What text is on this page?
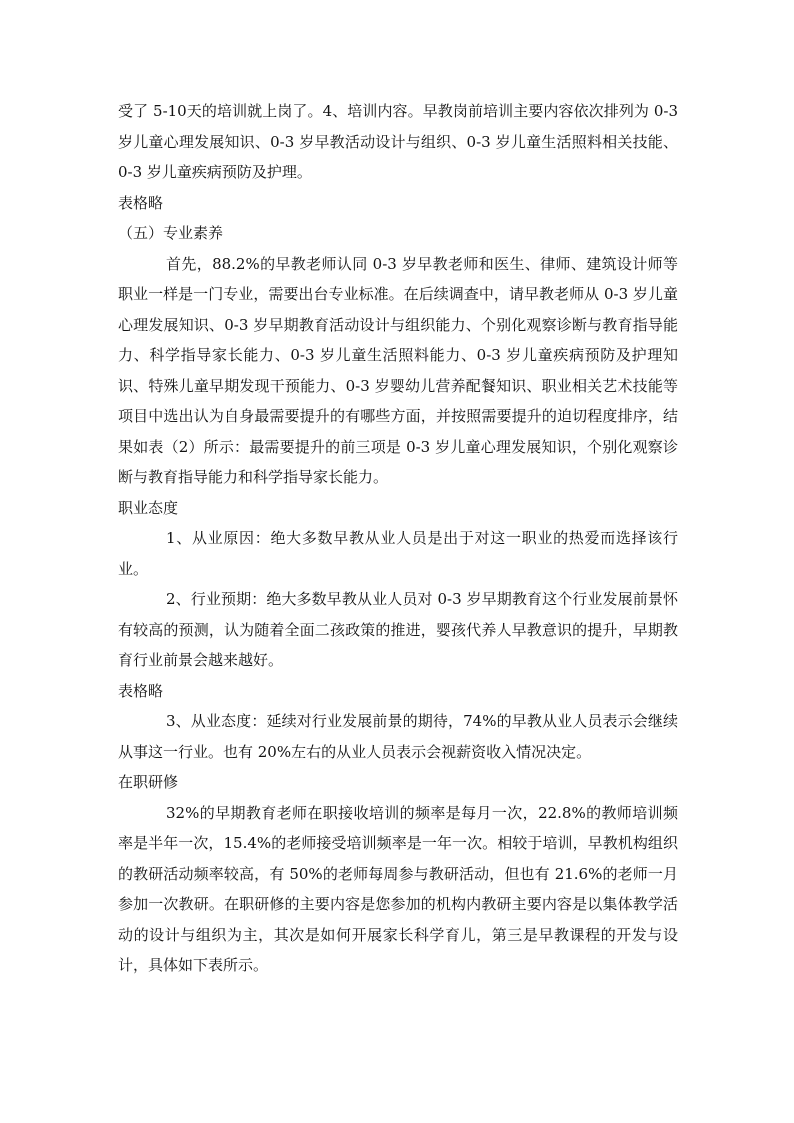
受了 5-10天的培训就上岗了。4、培训内容。早教岗前培训主要内容依次排列为 0-3 岁儿童心理发展知识、0-3 岁早教活动设计与组织、0-3 岁儿童生活照料相关技能、0-3 岁儿童疾病预防及护理。

表格略

（五）专业素养

首先，88.2%的早教老师认同 0-3 岁早教老师和医生、律师、建筑设计师等职业一样是一门专业，需要出台专业标准。在后续调查中，请早教老师从 0-3 岁儿童心理发展知识、0-3 岁早期教育活动设计与组织能力、个别化观察诊断与教育指导能力、科学指导家长能力、0-3 岁儿童生活照料能力、0-3 岁儿童疾病预防及护理知识、特殊儿童早期发现干预能力、0-3 岁婴幼儿营养配餐知识、职业相关艺术技能等项目中选出认为自身最需要提升的有哪些方面，并按照需要提升的迫切程度排序，结果如表（2）所示：最需要提升的前三项是 0-3 岁儿童心理发展知识，个别化观察诊断与教育指导能力和科学指导家长能力。

职业态度

1、从业原因：绝大多数早教从业人员是出于对这一职业的热爱而选择该行业。

2、行业预期：绝大多数早教从业人员对 0-3 岁早期教育这个行业发展前景怀有较高的预测，认为随着全面二孩政策的推进，婴孩代养人早教意识的提升，早期教育行业前景会越来越好。

表格略

3、从业态度：延续对行业发展前景的期待，74%的早教从业人员表示会继续从事这一行业。也有 20%左右的从业人员表示会视薪资收入情况决定。

在职研修

32%的早期教育老师在职接收培训的频率是每月一次，22.8%的教师培训频率是半年一次，15.4%的老师接受培训频率是一年一次。相较于培训，早教机构组织的教研活动频率较高，有 50%的老师每周参与教研活动，但也有 21.6%的老师一月参加一次教研。在职研修的主要内容是您参加的机构内教研主要内容是以集体教学活动的设计与组织为主，其次是如何开展家长科学育儿，第三是早教课程的开发与设计，具体如下表所示。
